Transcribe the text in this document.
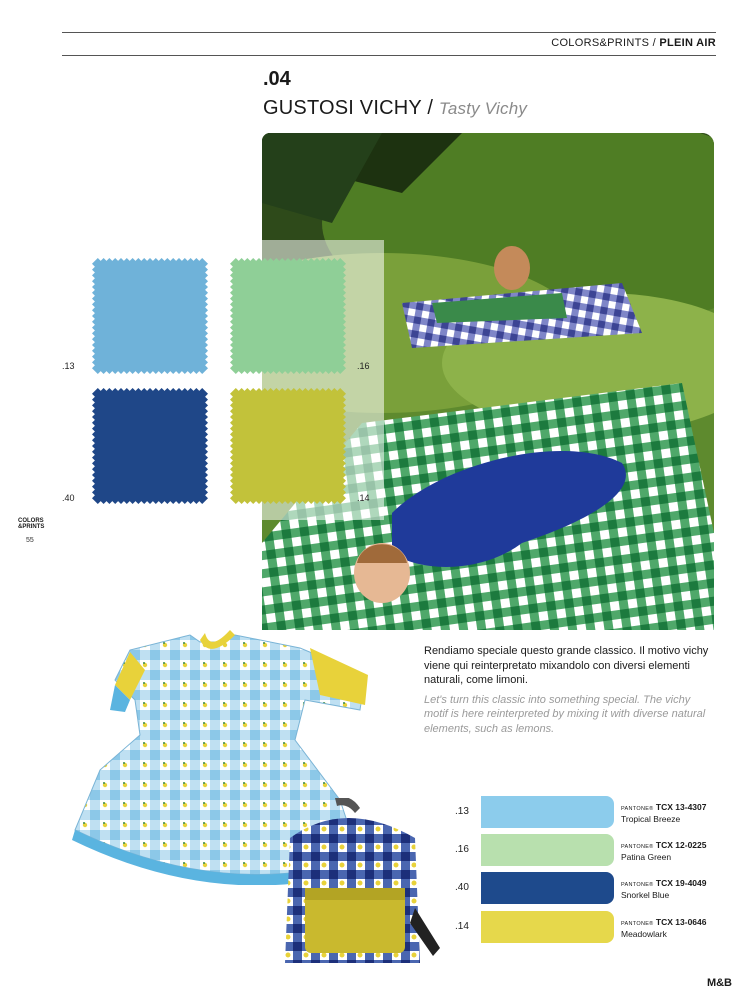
COLORS&PRINTS / PLEIN AIR
.04
GUSTOSI VICHY / Tasty Vichy
.13	.16
.40	.14
COLORS
&PRINTS
55
Rendiamo speciale questo grande classico. Il motivo vichy viene qui reinterpretato mixandolo con diversi elementi naturali, come limoni.
Let's turn this classic into something special. The vichy motif is here reinterpreted by mixing it with diverse natural elements, such as lemons.
.13	PANTONE® TCX 13-4307
Tropical Breeze
.16	PANTONE® TCX 12-0225
Patina Green
.40	PANTONE® TCX 19-4049
Snorkel Blue
.14	PANTONE® TCX 13-0646
Meadowlark
M&B
